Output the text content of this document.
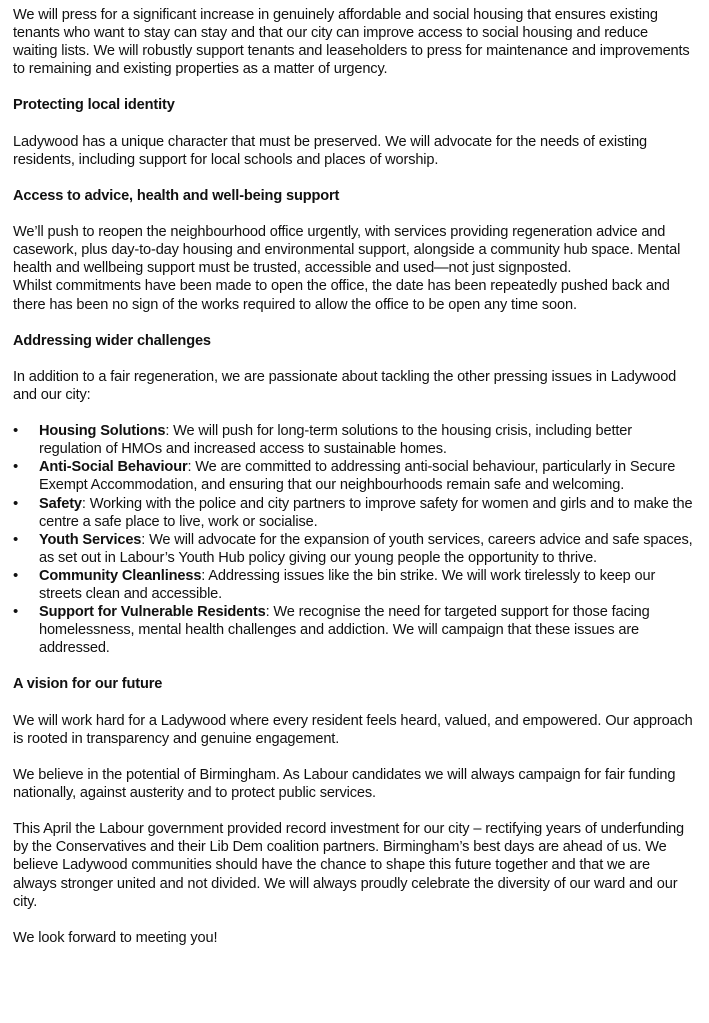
We will press for a significant increase in genuinely affordable and social housing that ensures existing tenants who want to stay can stay and that our city can improve access to social housing and reduce waiting lists. We will robustly support tenants and leaseholders to press for maintenance and improvements to remaining and existing properties as a matter of urgency.

Protecting local identity

Ladywood has a unique character that must be preserved. We will advocate for the needs of existing residents, including support for local schools and places of worship.

Access to advice, health and well-being support

We’ll push to reopen the neighbourhood office urgently, with services providing regeneration advice and casework, plus day-to-day housing and environmental support, alongside a community hub space. Mental health and wellbeing support must be trusted, accessible and used—not just signposted.

Whilst commitments have been made to open the office, the date has been repeatedly pushed back and there has been no sign of the works required to allow the office to be open any time soon.

Addressing wider challenges

In addition to a fair regeneration, we are passionate about tackling the other pressing issues in Ladywood and our city:

•
Housing Solutions: We will push for long-term solutions to the housing crisis, including better regulation of HMOs and increased access to sustainable homes.
•
Anti-Social Behaviour: We are committed to addressing anti-social behaviour, particularly in Secure Exempt Accommodation, and ensuring that our neighbourhoods remain safe and welcoming.
•
Safety: Working with the police and city partners to improve safety for women and girls and to make the centre a safe place to live, work or socialise.
•
Youth Services: We will advocate for the expansion of youth services, careers advice and safe spaces, as set out in Labour’s Youth Hub policy giving our young people the opportunity to thrive.
•
Community Cleanliness: Addressing issues like the bin strike. We will work tirelessly to keep our streets clean and accessible.
•
Support for Vulnerable Residents: We recognise the need for targeted support for those facing homelessness, mental health challenges and addiction. We will campaign that these issues are addressed.
A vision for our future

We will work hard for a Ladywood where every resident feels heard, valued, and empowered. Our approach is rooted in transparency and genuine engagement.

We believe in the potential of Birmingham. As Labour candidates we will always campaign for fair funding nationally, against austerity and to protect public services.

This April the Labour government provided record investment for our city – rectifying years of underfunding by the Conservatives and their Lib Dem coalition partners. Birmingham’s best days are ahead of us. We believe Ladywood communities should have the chance to shape this future together and that we are always stronger united and not divided. We will always proudly celebrate the diversity of our ward and our city.

We look forward to meeting you!
